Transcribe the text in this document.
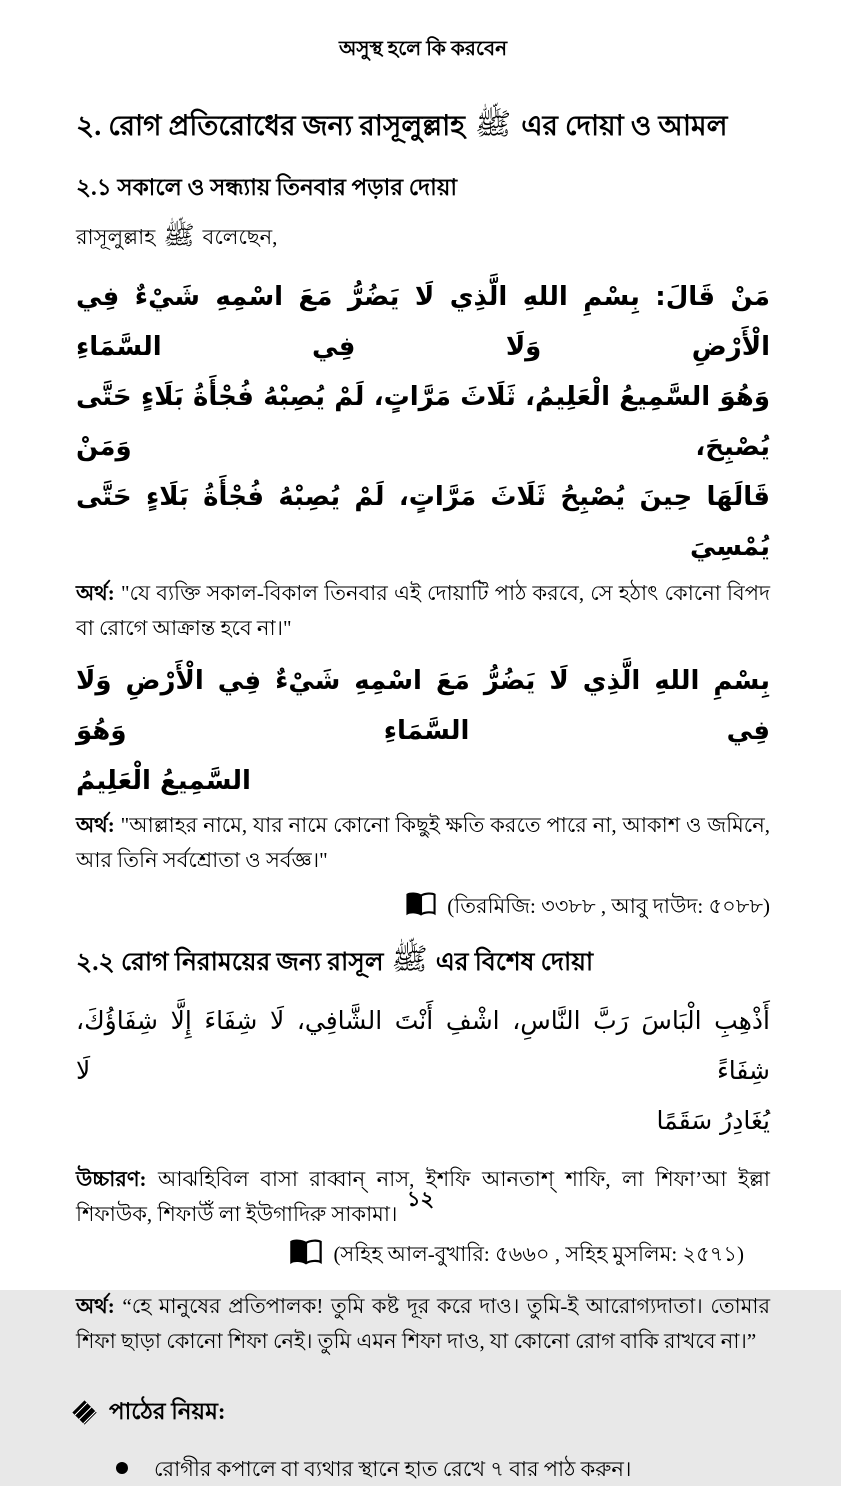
অসুস্থ হলে কি করবেন
২. রোগ প্রতিরোধের জন্য রাসূলুল্লাহ ﷺ এর দোয়া ও আমল
২.১ সকালে ও সন্ধ্যায় তিনবার পড়ার দোয়া
রাসূলুল্লাহ ﷺ বলেছেন,
مَنْ قَالَ: بِسْمِ اللهِ الَّذِي لَا يَضُرُّ مَعَ اسْمِهِ شَيْءٌ فِي الْأَرْضِ وَلَا فِي السَّمَاءِ
وَهُوَ السَّمِيعُ الْعَلِيمُ، ثَلَاثَ مَرَّاتٍ، لَمْ يُصِبْهُ فُجْأَةُ بَلَاءٍ حَتَّى يُصْبِحَ، وَمَنْ
قَالَهَا حِينَ يُصْبِحُ ثَلَاثَ مَرَّاتٍ، لَمْ يُصِبْهُ فُجْأَةُ بَلَاءٍ حَتَّى يُمْسِيَ
অর্থ: "যে ব্যক্তি সকাল-বিকাল তিনবার এই দোয়াটি পাঠ করবে, সে হঠাৎ কোনো বিপদ বা রোগে আক্রান্ত হবে না।"
بِسْمِ اللهِ الَّذِي لَا يَضُرُّ مَعَ اسْمِهِ شَيْءٌ فِي الْأَرْضِ وَلَا فِي السَّمَاءِ وَهُوَ
السَّمِيعُ الْعَلِيمُ
অর্থ: "আল্লাহর নামে, যার নামে কোনো কিছুই ক্ষতি করতে পারে না, আকাশ ও জমিনে, আর তিনি সর্বশ্রোতা ও সর্বজ্ঞ।"
(তিরমিজি: ৩৩৮৮ , আবু দাউদ: ৫০৮৮)
২.২ রোগ নিরাময়ের জন্য রাসূল ﷺ এর বিশেষ দোয়া
أَذْهِبِ الْبَاسَ رَبَّ النَّاسِ، اشْفِ أَنْتَ الشَّافِي، لَا شِفَاءَ إِلَّا شِفَاؤُكَ، شِفَاءً لَا
يُغَادِرُ سَقَمًا
উচ্চারণ: আঝহিবিল বাসা রাব্বান্ নাস, ইশফি আনতাশ্ শাফি, লা শিফা’আ ইল্লা শিফাউক, শিফাউঁ লা ইউগাদিরু সাকামা।
(সহিহ আল-বুখারি: ৫৬৬০ , সহিহ মুসলিম: ২৫৭১)
অর্থ: “হে মানুষের প্রতিপালক! তুমি কষ্ট দূর করে দাও। তুমি-ই আরোগ্যদাতা। তোমার শিফা ছাড়া কোনো শিফা নেই। তুমি এমন শিফা দাও, যা কোনো রোগ বাকি রাখবে না।”
পাঠের নিয়ম:
রোগীর কপালে বা ব্যথার স্থানে হাত রেখে ৭ বার পাঠ করুন।
১২
